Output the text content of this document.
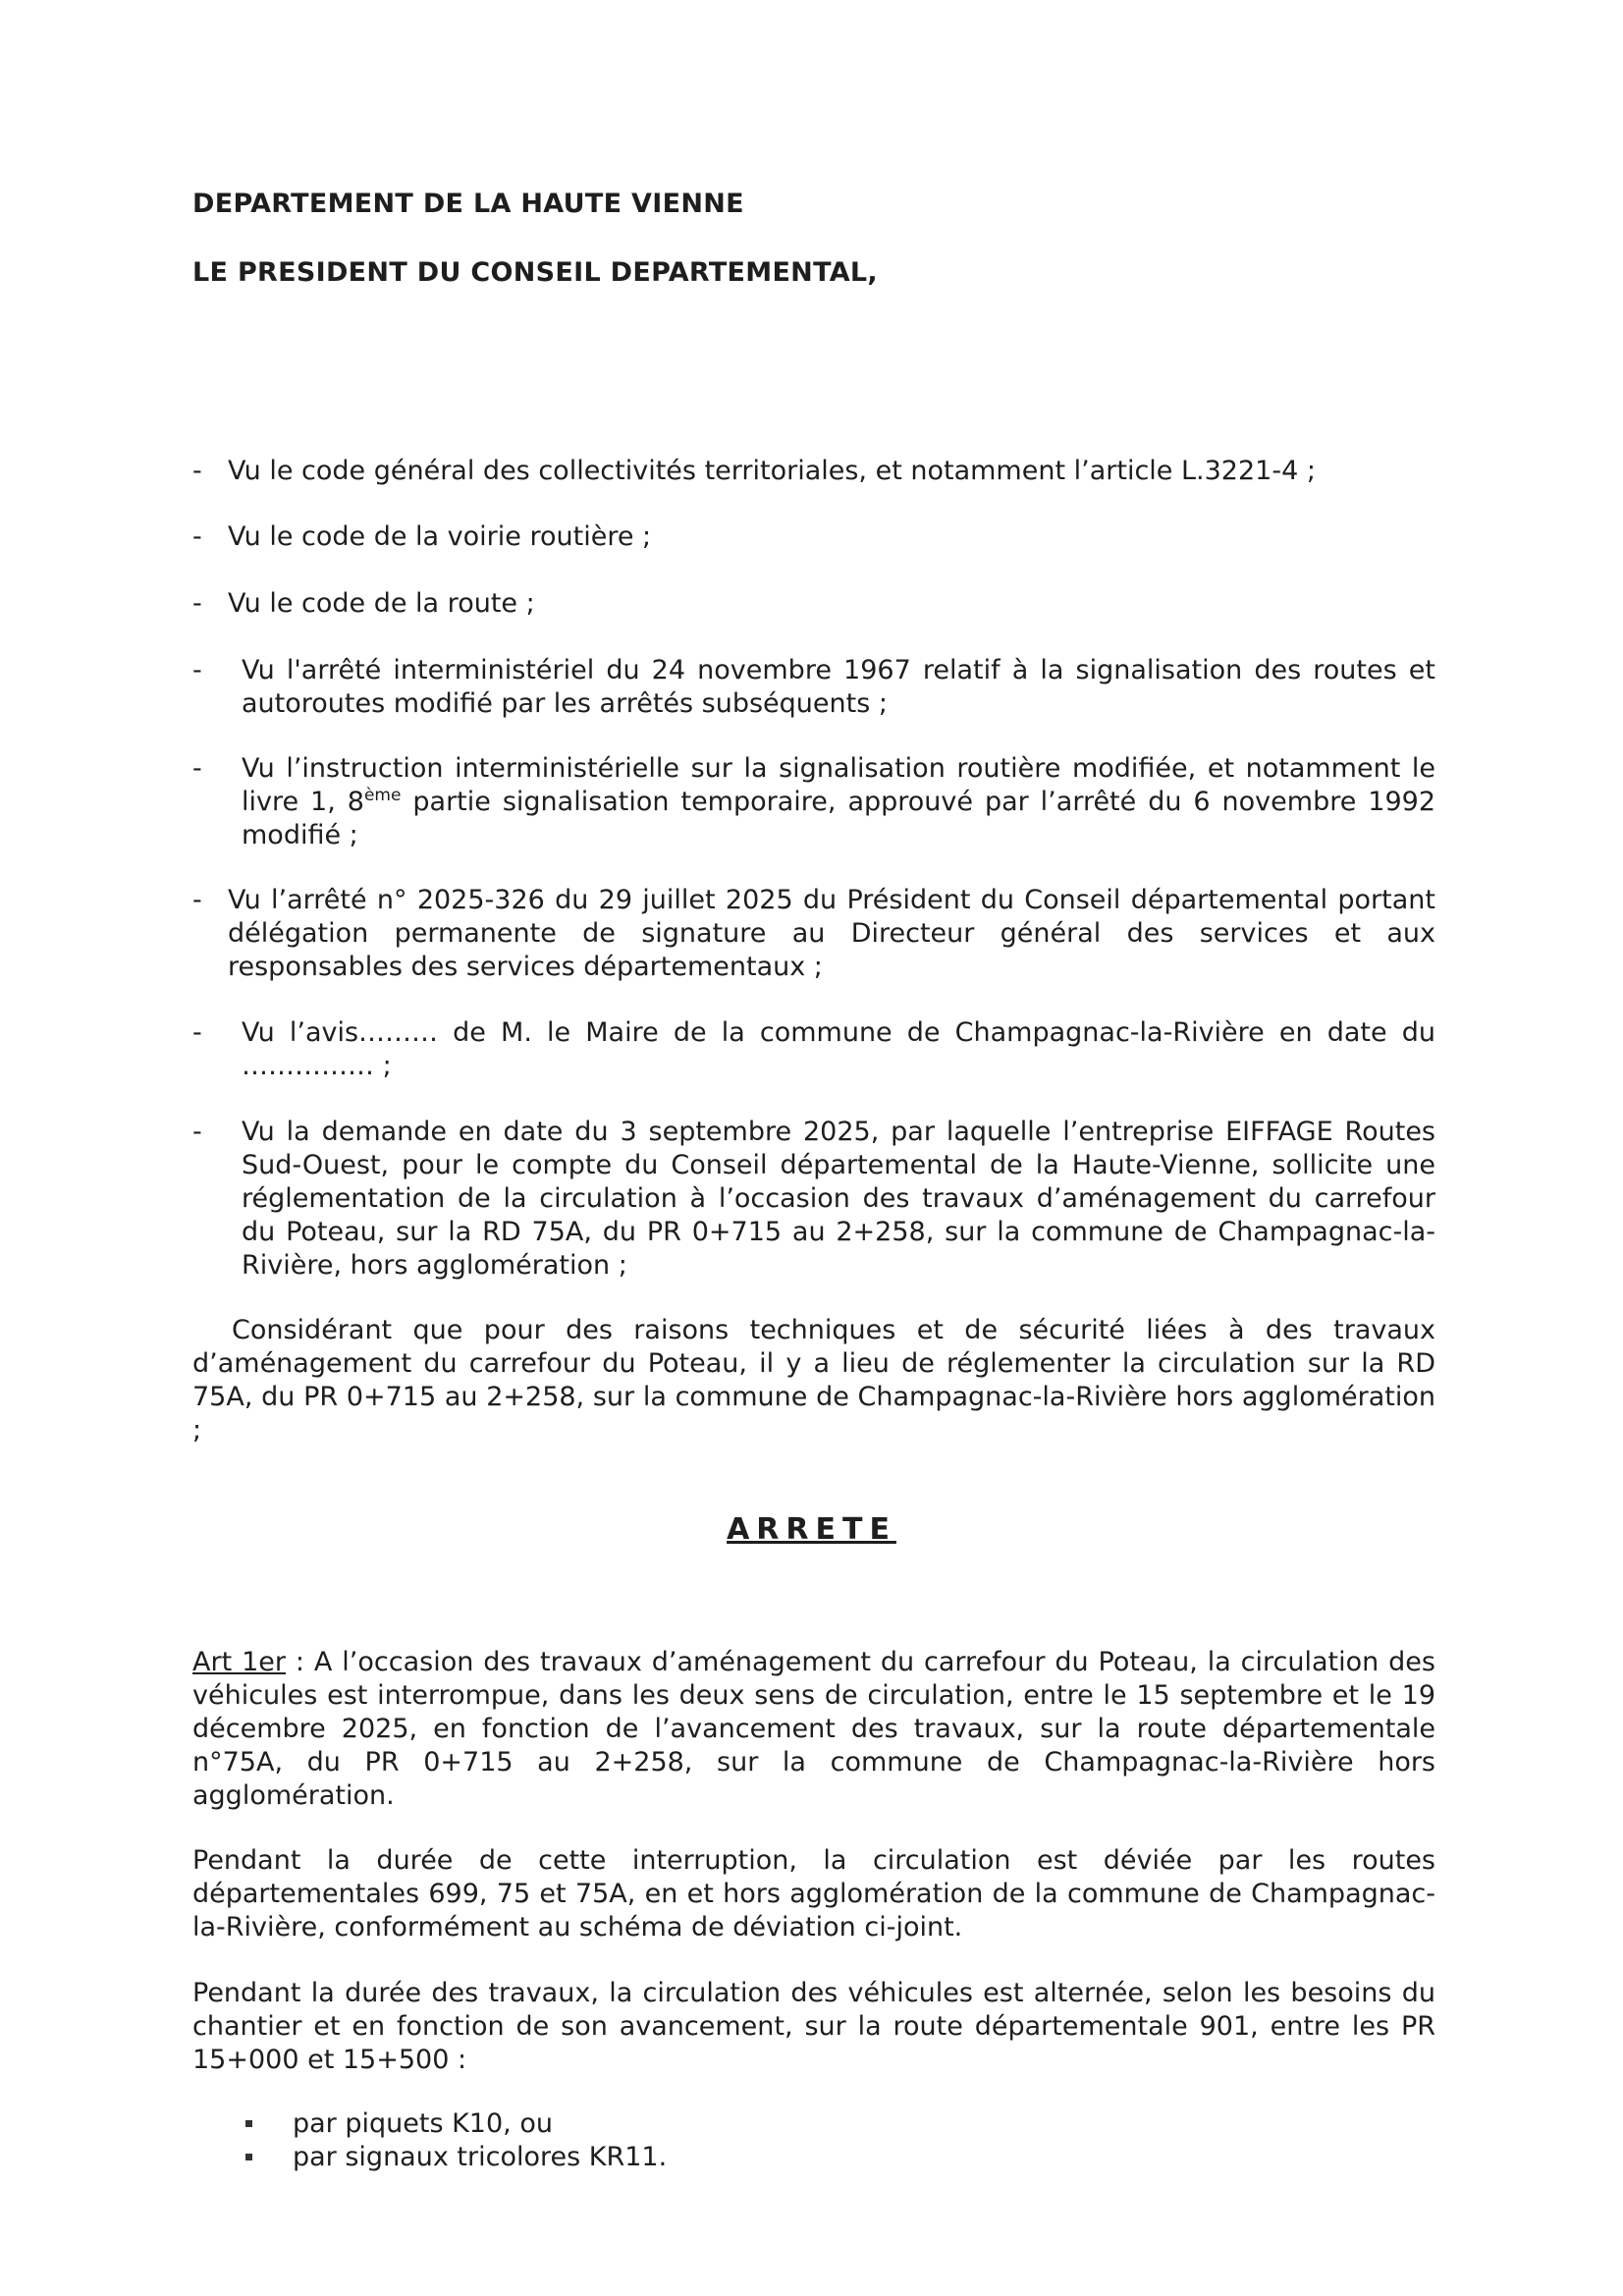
DEPARTEMENT DE LA HAUTE VIENNE
LE PRESIDENT DU CONSEIL DEPARTEMENTAL,
- Vu le code général des collectivités territoriales, et notamment l’article L.3221-4 ;
- Vu le code de la voirie routière ;
- Vu le code de la route ;
- Vu l'arrêté interministériel du 24 novembre 1967 relatif à la signalisation des routes et autoroutes modifié par les arrêtés subséquents ;
- Vu l’instruction interministérielle sur la signalisation routière modifiée, et notamment le livre 1, 8ème partie signalisation temporaire, approuvé par l’arrêté du 6 novembre 1992 modifié ;
- Vu l’arrêté n° 2025-326 du 29 juillet 2025 du Président du Conseil départemental portant délégation permanente de signature au Directeur général des services et aux responsables des services départementaux ;
- Vu l’avis……… de M. le Maire de la commune de Champagnac-la-Rivière en date du …………… ;
- Vu la demande en date du 3 septembre 2025, par laquelle l’entreprise EIFFAGE Routes Sud-Ouest, pour le compte du Conseil départemental de la Haute-Vienne, sollicite une réglementation de la circulation à l’occasion des travaux d’aménagement du carrefour du Poteau, sur la RD 75A, du PR 0+715 au 2+258, sur la commune de Champagnac-la-Rivière, hors agglomération ;
Considérant que pour des raisons techniques et de sécurité liées à des travaux d’aménagement du carrefour du Poteau, il y a lieu de réglementer la circulation sur la RD 75A, du PR 0+715 au 2+258, sur la commune de Champagnac-la-Rivière hors agglomération ;
ARRETE
Art 1er : A l’occasion des travaux d’aménagement du carrefour du Poteau, la circulation des véhicules est interrompue, dans les deux sens de circulation, entre le 15 septembre et le 19 décembre 2025, en fonction de l’avancement des travaux, sur la route départementale n°75A, du PR 0+715 au 2+258, sur la commune de Champagnac-la-Rivière hors agglomération.
Pendant la durée de cette interruption, la circulation est déviée par les routes départementales 699, 75 et 75A, en et hors agglomération de la commune de Champagnac-la-Rivière, conformément au schéma de déviation ci-joint.
Pendant la durée des travaux, la circulation des véhicules est alternée, selon les besoins du chantier et en fonction de son avancement, sur la route départementale 901, entre les PR 15+000 et 15+500 :
par piquets K10, ou
par signaux tricolores KR11.
